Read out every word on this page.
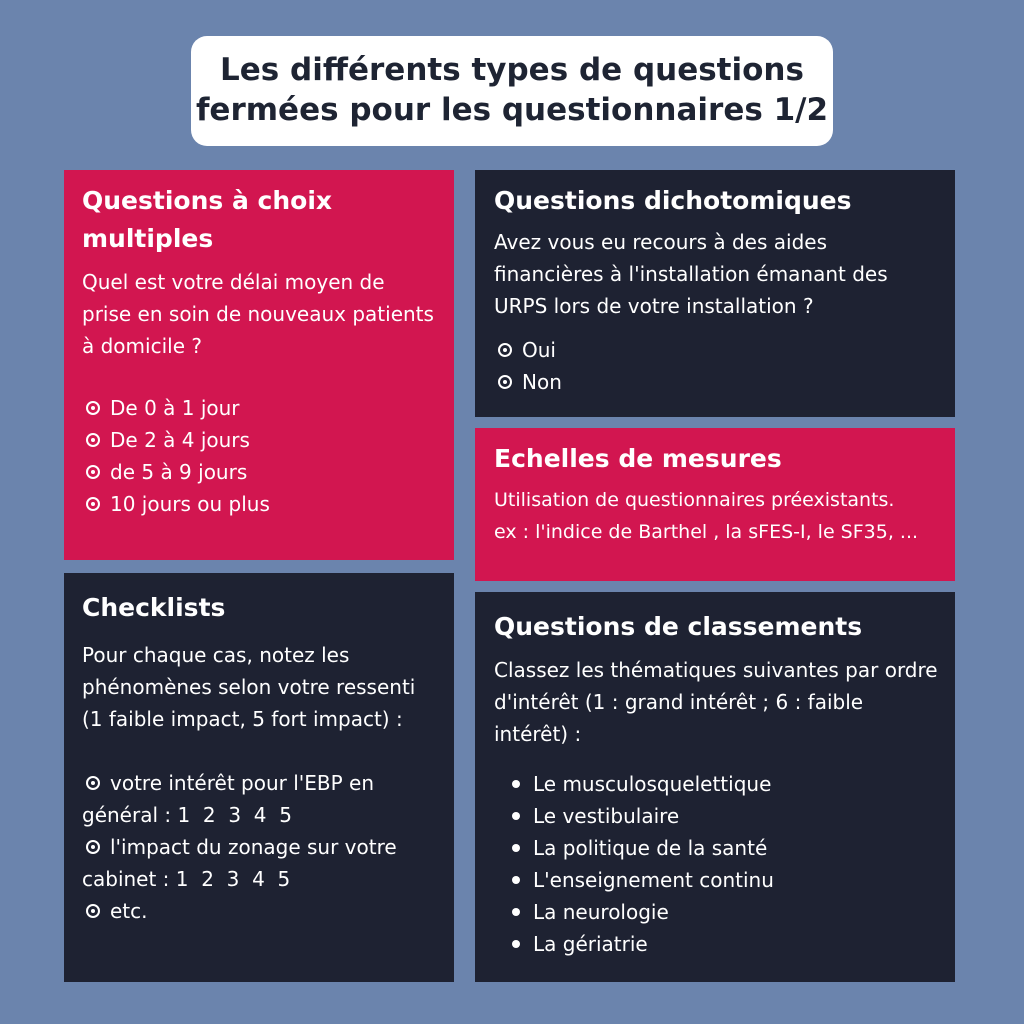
Les différents types de questions
fermées pour les questionnaires 1/2
Questions à choix multiples

Quel est votre délai moyen de prise en soin de nouveaux patients à domicile ?

De 0 à 1 jour
De 2 à 4 jours
de 5 à 9 jours
10 jours ou plus
Questions dichotomiques

Avez vous eu recours à des aides financières à l'installation émanant des URPS lors de votre installation ?

Oui
Non
Echelles de mesures

Utilisation de questionnaires préexistants.
ex : l'indice de Barthel , la sFES-I, le SF35, ...

Checklists

Pour chaque cas, notez les phénomènes selon votre ressenti (1 faible impact, 5 fort impact) :

votre intérêt pour l'EBP en général : 1  2  3  4  5
l'impact du zonage sur votre cabinet : 1  2  3  4  5
etc.
Questions de classements

Classez les thématiques suivantes par ordre d'intérêt (1 : grand intérêt ; 6 : faible intérêt) :

Le musculosquelettique
Le vestibulaire
La politique de la santé
L'enseignement continu
La neurologie
La gériatrie
